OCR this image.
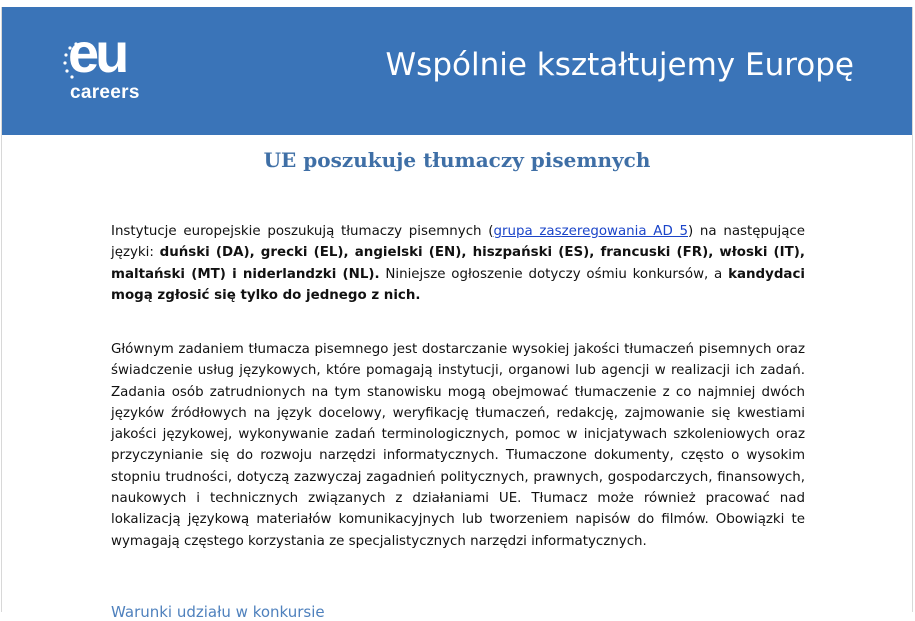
eu
careers
Wspólnie kształtujemy Europę
UE poszukuje tłumaczy pisemnych

Instytucje europejskie poszukują tłumaczy pisemnych (grupa zaszeregowania AD 5) na następujące języki: duński (DA), grecki (EL), angielski (EN), hiszpański (ES), francuski (FR), włoski (IT), maltański (MT) i niderlandzki (NL). Niniejsze ogłoszenie dotyczy ośmiu konkursów, a kandydaci mogą zgłosić się tylko do jednego z nich.

Głównym zadaniem tłumacza pisemnego jest dostarczanie wysokiej jakości tłumaczeń pisemnych oraz świadczenie usług językowych, które pomagają instytucji, organowi lub agencji w realizacji ich zadań. Zadania osób zatrudnionych na tym stanowisku mogą obejmować tłumaczenie z co najmniej dwóch języków źródłowych na język docelowy, weryfikację tłumaczeń, redakcję, zajmowanie się kwestiami jakości językowej, wykonywanie zadań terminologicznych, pomoc w inicjatywach szkoleniowych oraz przyczynianie się do rozwoju narzędzi informatycznych. Tłumaczone dokumenty, często o wysokim stopniu trudności, dotyczą zazwyczaj zagadnień politycznych, prawnych, gospodarczych, finansowych, naukowych i technicznych związanych z działaniami UE. Tłumacz może również pracować nad lokalizacją językową materiałów komunikacyjnych lub tworzeniem napisów do filmów. Obowiązki te wymagają częstego korzystania ze specjalistycznych narzędzi informatycznych.

Warunki udziału w konkursie
